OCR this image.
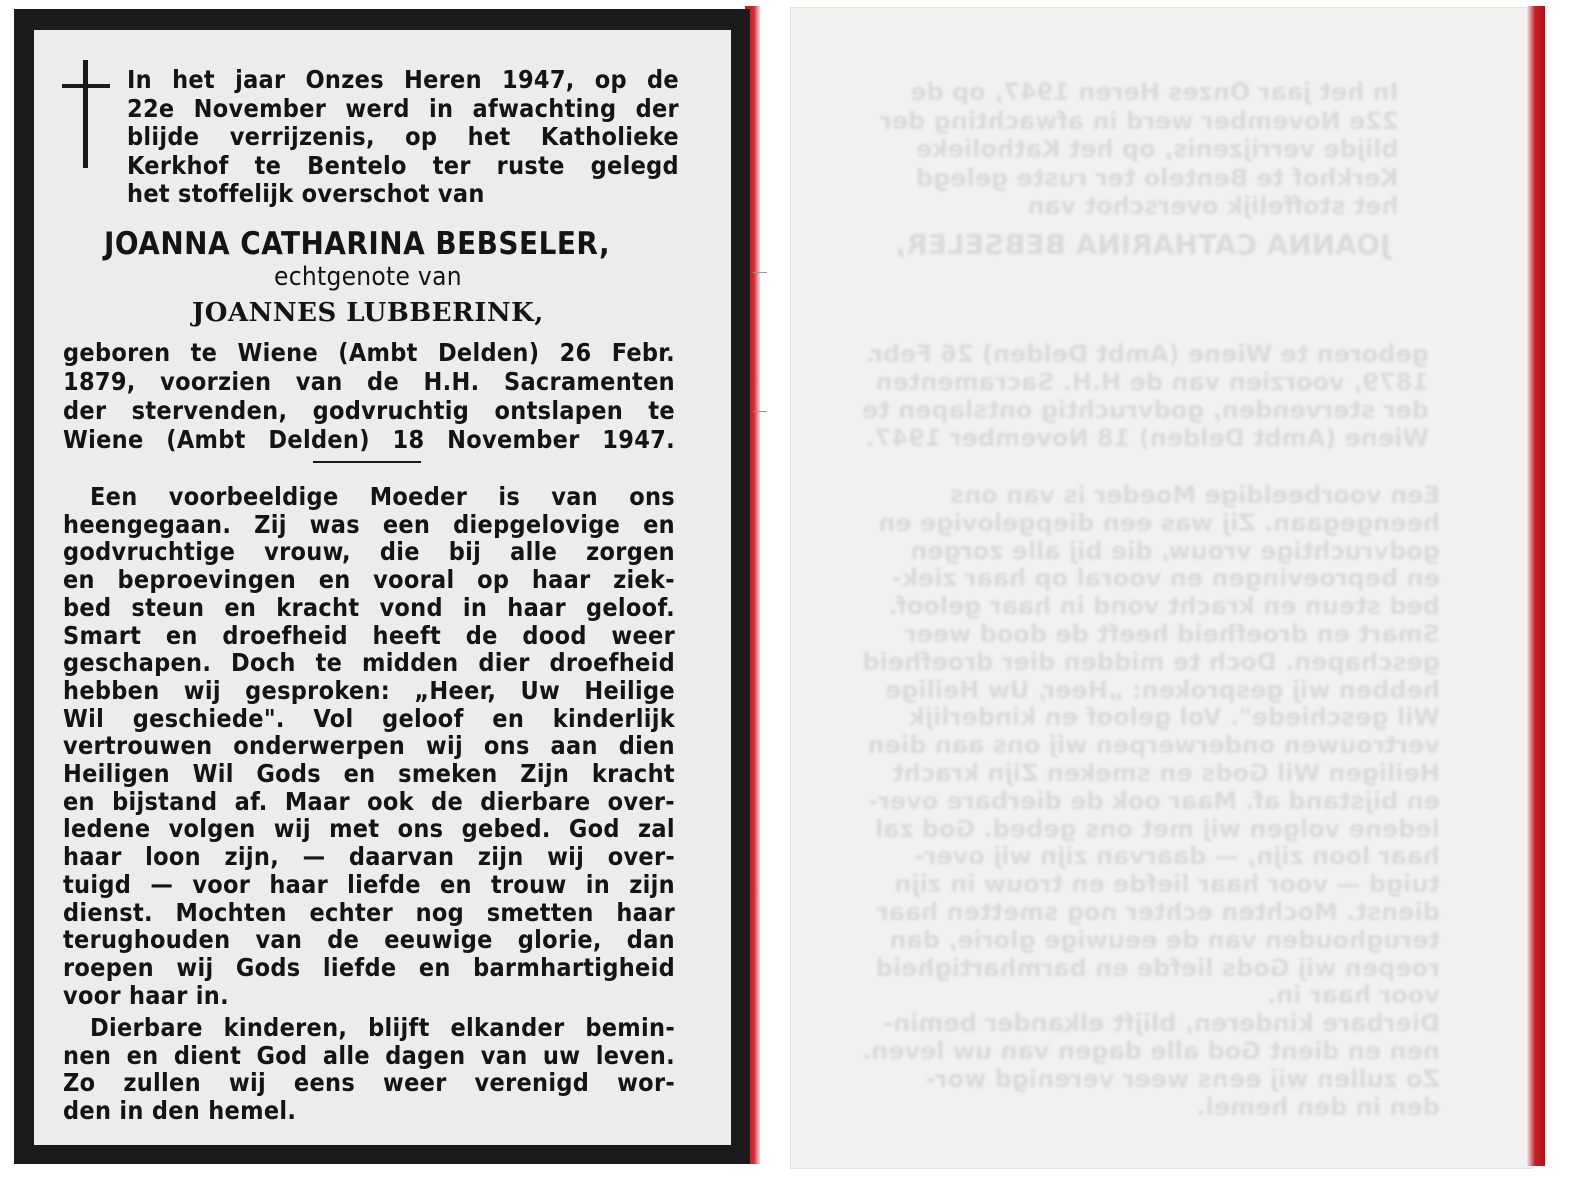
In het jaar Onzes Heren 1947, op de
22e November werd in afwachting der
blijde verrijzenis, op het Katholieke
Kerkhof te Bentelo ter ruste gelegd
het stoffelijk overschot van
JOANNA CATHARINA BEBSELER,
echtgenote van
JOANNES LUBBERINK,
geboren te Wiene (Ambt Delden) 26 Febr.
1879, voorzien van de H.H. Sacramenten
der stervenden, godvruchtig ontslapen te
Wiene (Ambt Delden) 18 November 1947.
Een voorbeeldige Moeder is van ons
heengegaan. Zij was een diepgelovige en
godvruchtige vrouw, die bij alle zorgen
en beproevingen en vooral op haar ziek-
bed steun en kracht vond in haar geloof.
Smart en droefheid heeft de dood weer
geschapen. Doch te midden dier droefheid
hebben wij gesproken: „Heer, Uw Heilige
Wil geschiede". Vol geloof en kinderlijk
vertrouwen onderwerpen wij ons aan dien
Heiligen Wil Gods en smeken Zijn kracht
en bijstand af. Maar ook de dierbare over-
ledene volgen wij met ons gebed. God zal
haar loon zijn, — daarvan zijn wij over-
tuigd — voor haar liefde en trouw in zijn
dienst. Mochten echter nog smetten haar
terughouden van de eeuwige glorie, dan
roepen wij Gods liefde en barmhartigheid
voor haar in.
Dierbare kinderen, blijft elkander bemin-
nen en dient God alle dagen van uw leven.
Zo zullen wij eens weer verenigd wor-
den in den hemel.
In het jaar Onzes Heren 1947, op de
22e November werd in afwachting der
blijde verrijzenis, op het Katholieke
Kerkhof te Bentelo ter ruste gelegd
het stoffelijk overschot van
JOANNA CATHARINA BEBSELER,
geboren te Wiene (Ambt Delden) 26 Febr.
1879, voorzien van de H.H. Sacramenten
der stervenden, godvruchtig ontslapen te
Wiene (Ambt Delden) 18 November 1947.
Een voorbeeldige Moeder is van ons
heengegaan. Zij was een diepgelovige en
godvruchtige vrouw, die bij alle zorgen
en beproevingen en vooral op haar ziek-
bed steun en kracht vond in haar geloof.
Smart en droefheid heeft de dood weer
geschapen. Doch te midden dier droefheid
hebben wij gesproken: „Heer, Uw Heilige
Wil geschiede". Vol geloof en kinderlijk
vertrouwen onderwerpen wij ons aan dien
Heiligen Wil Gods en smeken Zijn kracht
en bijstand af. Maar ook de dierbare over-
ledene volgen wij met ons gebed. God zal
haar loon zijn, — daarvan zijn wij over-
tuigd — voor haar liefde en trouw in zijn
dienst. Mochten echter nog smetten haar
terughouden van de eeuwige glorie, dan
roepen wij Gods liefde en barmhartigheid
voor haar in.
Dierbare kinderen, blijft elkander bemin-
nen en dient God alle dagen van uw leven.
Zo zullen wij eens weer verenigd wor-
den in den hemel.
